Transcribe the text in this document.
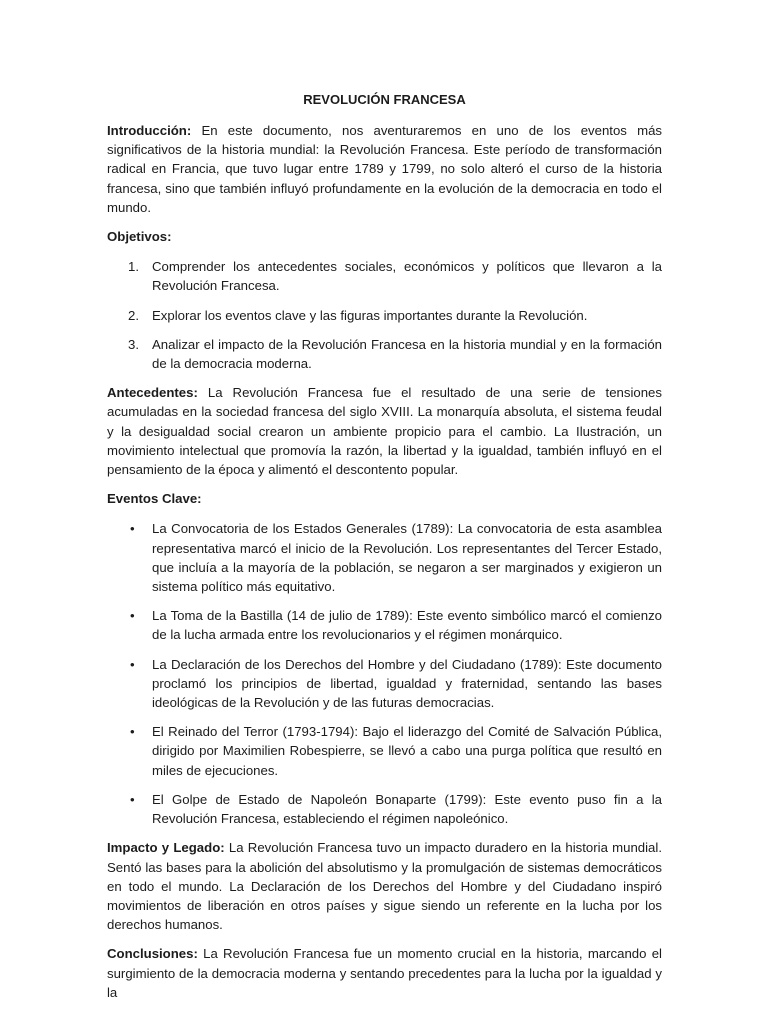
REVOLUCIÓN FRANCESA

Introducción: En este documento, nos aventuraremos en uno de los eventos más significativos de la historia mundial: la Revolución Francesa. Este período de transformación radical en Francia, que tuvo lugar entre 1789 y 1799, no solo alteró el curso de la historia francesa, sino que también influyó profundamente en la evolución de la democracia en todo el mundo.

Objetivos:
1. Comprender los antecedentes sociales, económicos y políticos que llevaron a la Revolución Francesa.
2. Explorar los eventos clave y las figuras importantes durante la Revolución.
3. Analizar el impacto de la Revolución Francesa en la historia mundial y en la formación de la democracia moderna.

Antecedentes: La Revolución Francesa fue el resultado de una serie de tensiones acumuladas en la sociedad francesa del siglo XVIII. La monarquía absoluta, el sistema feudal y la desigualdad social crearon un ambiente propicio para el cambio. La Ilustración, un movimiento intelectual que promovía la razón, la libertad y la igualdad, también influyó en el pensamiento de la época y alimentó el descontento popular.

Eventos Clave:
• La Convocatoria de los Estados Generales (1789): La convocatoria de esta asamblea representativa marcó el inicio de la Revolución. Los representantes del Tercer Estado, que incluía a la mayoría de la población, se negaron a ser marginados y exigieron un sistema político más equitativo.
• La Toma de la Bastilla (14 de julio de 1789): Este evento simbólico marcó el comienzo de la lucha armada entre los revolucionarios y el régimen monárquico.
• La Declaración de los Derechos del Hombre y del Ciudadano (1789): Este documento proclamó los principios de libertad, igualdad y fraternidad, sentando las bases ideológicas de la Revolución y de las futuras democracias.
• El Reinado del Terror (1793-1794): Bajo el liderazgo del Comité de Salvación Pública, dirigido por Maximilien Robespierre, se llevó a cabo una purga política que resultó en miles de ejecuciones.
• El Golpe de Estado de Napoleón Bonaparte (1799): Este evento puso fin a la Revolución Francesa, estableciendo el régimen napoleónico.

Impacto y Legado: La Revolución Francesa tuvo un impacto duradero en la historia mundial. Sentó las bases para la abolición del absolutismo y la promulgación de sistemas democráticos en todo el mundo. La Declaración de los Derechos del Hombre y del Ciudadano inspiró movimientos de liberación en otros países y sigue siendo un referente en la lucha por los derechos humanos.

Conclusiones: La Revolución Francesa fue un momento crucial en la historia, marcando el surgimiento de la democracia moderna y sentando precedentes para la lucha por la igualdad y la
